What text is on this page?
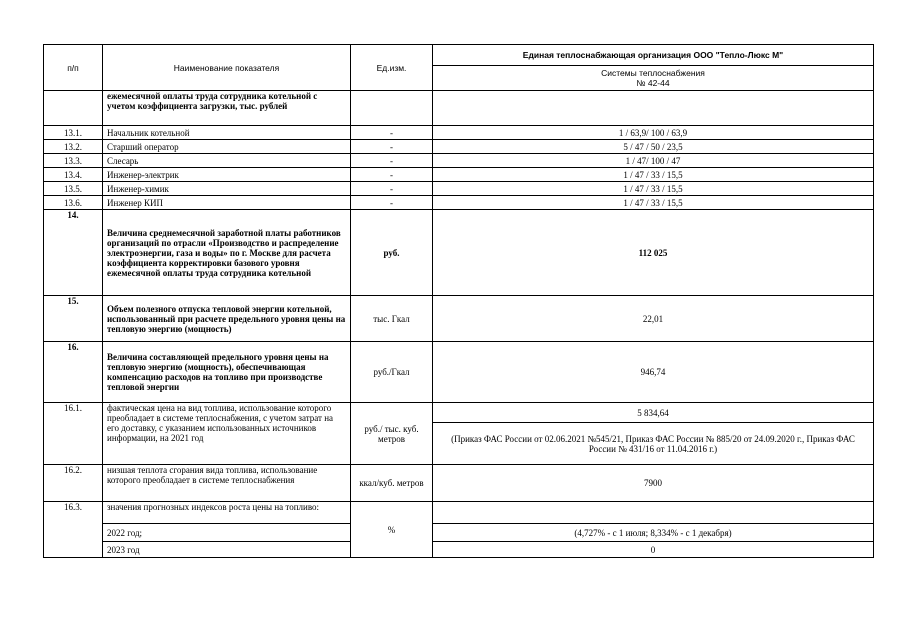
п/п	Наименование показателя	Ед.изм.	Единая теплоснабжающая организация ООО "Тепло-Люкс М"

			Системы теплоснабжения
№ 42-44

	ежемесячной оплаты труда сотрудника котельной с учетом коэффициента загрузки, тыс. рублей		
13.1.	Начальник котельной	-	1 / 63,9/ 100 / 63,9
13.2.	Старший оператор	-	5 / 47 / 50 / 23,5
13.3.	Слесарь	-	1 / 47/ 100 / 47
13.4.	Инженер-электрик	-	1 / 47 / 33 / 15,5
13.5.	Инженер-химик	-	1 / 47 / 33 / 15,5
13.6.	Инженер КИП	-	1 / 47 / 33 / 15,5
14.	Величина среднемесячной заработной платы работников организаций по отрасли «Производство и распределение электроэнергии, газа и воды» по г. Москве для расчета коэффициента корректировки базового уровня ежемесячной оплаты труда сотрудника котельной	руб.	112 025
15.	Объем полезного отпуска тепловой энергии котельной, использованный при расчете предельного уровня цены на тепловую энергию (мощность)	тыс. Гкал	22,01
16.	Величина составляющей предельного уровня цены на тепловую энергию (мощность), обеспечивающая компенсацию расходов на топливо при производстве тепловой энергии	руб./Гкал	946,74
16.1.	фактическая цена на вид топлива, использование которого преобладает в системе теплоснабжения, с учетом затрат на его доставку, с указанием использованных источников информации, на 2021 год	руб./ тыс. куб. метров	5 834,64
			(Приказ ФАС России от 02.06.2021 №545/21, Приказ ФАС России № 885/20 от 24.09.2020 г., Приказ ФАС России № 431/16 от 11.04.2016 г.)
16.2.	низшая теплота сгорания вида топлива, использование которого преобладает в системе теплоснабжения	ккал/куб. метров	7900
16.3.	значения прогнозных индексов роста цены на топливо:	%	
	2022 год;		(4,727% - с 1 июля; 8,334% - с 1 декабря)
	2023 год		0
